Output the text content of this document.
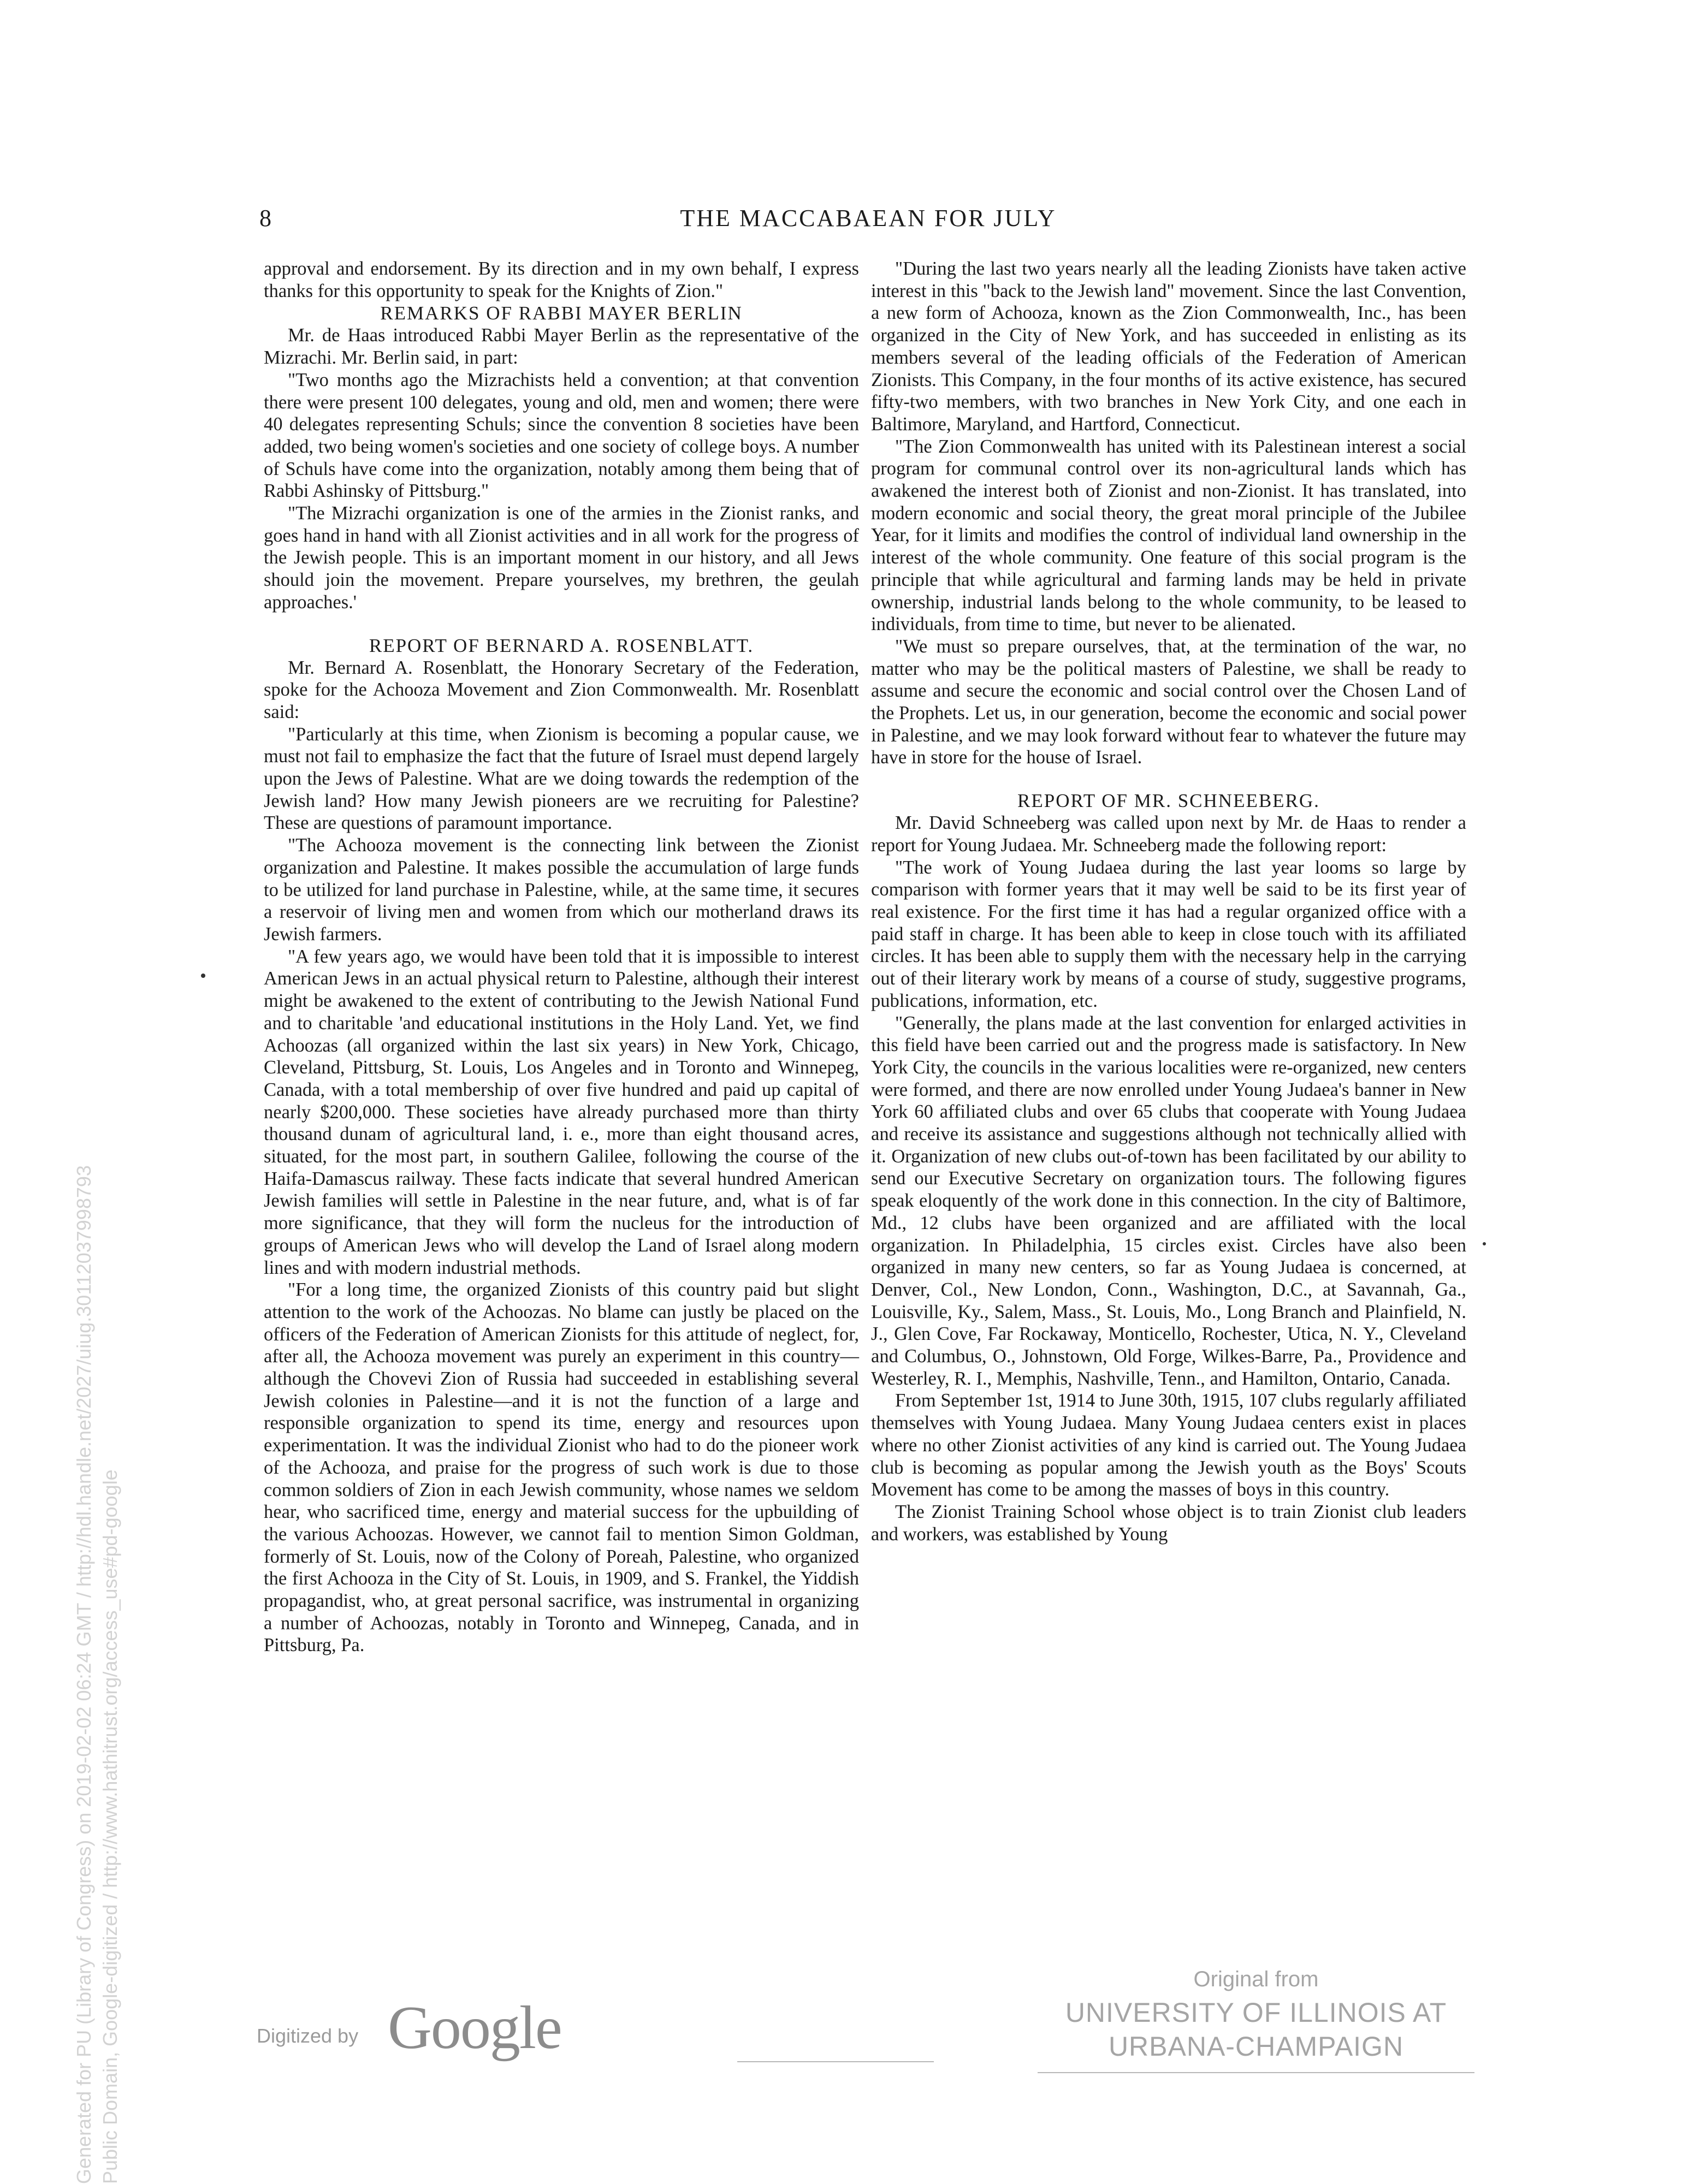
8	THE MACCABAEAN FOR JULY

approval and endorsement. By its direction and in my own behalf, I express thanks for this opportunity to speak for the Knights of Zion."

REMARKS OF RABBI MAYER BERLIN

Mr. de Haas introduced Rabbi Mayer Berlin as the representative of the Mizrachi. Mr. Berlin said, in part:

"Two months ago the Mizrachists held a convention; at that convention there were present 100 delegates, young and old, men and women; there were 40 delegates representing Schuls; since the convention 8 societies have been added, two being women's societies and one society of college boys. A number of Schuls have come into the organization, notably among them being that of Rabbi Ashinsky of Pittsburg."

"The Mizrachi organization is one of the armies in the Zionist ranks, and goes hand in hand with all Zionist activities and in all work for the progress of the Jewish people. This is an important moment in our history, and all Jews should join the movement. Prepare yourselves, my brethren, the geulah approaches.'

REPORT OF BERNARD A. ROSENBLATT.

Mr. Bernard A. Rosenblatt, the Honorary Secretary of the Federation, spoke for the Achooza Movement and Zion Commonwealth. Mr. Rosenblatt said:

"Particularly at this time, when Zionism is becoming a popular cause, we must not fail to emphasize the fact that the future of Israel must depend largely upon the Jews of Palestine. What are we doing towards the redemption of the Jewish land? How many Jewish pioneers are we recruiting for Palestine? These are questions of paramount importance.

"The Achooza movement is the connecting link between the Zionist organization and Palestine. It makes possible the accumulation of large funds to be utilized for land purchase in Palestine, while, at the same time, it secures a reservoir of living men and women from which our motherland draws its Jewish farmers.

"A few years ago, we would have been told that it is impossible to interest American Jews in an actual physical return to Palestine, although their interest might be awakened to the extent of contributing to the Jewish National Fund and to charitable 'and educational institutions in the Holy Land. Yet, we find Achoozas (all organized within the last six years) in New York, Chicago, Cleveland, Pittsburg, St. Louis, Los Angeles and in Toronto and Winnepeg, Canada, with a total membership of over five hundred and paid up capital of nearly $200,000. These societies have already purchased more than thirty thousand dunam of agricultural land, i. e., more than eight thousand acres, situated, for the most part, in southern Galilee, following the course of the Haifa-Damascus railway. These facts indicate that several hundred American Jewish families will settle in Palestine in the near future, and, what is of far more significance, that they will form the nucleus for the introduction of groups of American Jews who will develop the Land of Israel along modern lines and with modern industrial methods.

"For a long time, the organized Zionists of this country paid but slight attention to the work of the Achoozas. No blame can justly be placed on the officers of the Federation of American Zionists for this attitude of neglect, for, after all, the Achooza movement was purely an experiment in this country—although the Chovevi Zion of Russia had succeeded in establishing several Jewish colonies in Palestine—and it is not the function of a large and responsible organization to spend its time, energy and resources upon experimentation. It was the individual Zionist who had to do the pioneer work of the Achooza, and praise for the progress of such work is due to those common soldiers of Zion in each Jewish community, whose names we seldom hear, who sacrificed time, energy and material success for the upbuilding of the various Achoozas. However, we cannot fail to mention Simon Goldman, formerly of St. Louis, now of the Colony of Poreah, Palestine, who organized the first Achooza in the City of St. Louis, in 1909, and S. Frankel, the Yiddish propagandist, who, at great personal sacrifice, was instrumental in organizing a number of Achoozas, notably in Toronto and Winnepeg, Canada, and in Pittsburg, Pa.

"During the last two years nearly all the leading Zionists have taken active interest in this "back to the Jewish land" movement. Since the last Convention, a new form of Achooza, known as the Zion Commonwealth, Inc., has been organized in the City of New York, and has succeeded in enlisting as its members several of the leading officials of the Federation of American Zionists. This Company, in the four months of its active existence, has secured fifty-two members, with two branches in New York City, and one each in Baltimore, Maryland, and Hartford, Connecticut.

"The Zion Commonwealth has united with its Palestinean interest a social program for communal control over its non-agricultural lands which has awakened the interest both of Zionist and non-Zionist. It has translated, into modern economic and social theory, the great moral principle of the Jubilee Year, for it limits and modifies the control of individual land ownership in the interest of the whole community. One feature of this social program is the principle that while agricultural and farming lands may be held in private ownership, industrial lands belong to the whole community, to be leased to individuals, from time to time, but never to be alienated.

"We must so prepare ourselves, that, at the termination of the war, no matter who may be the political masters of Palestine, we shall be ready to assume and secure the economic and social control over the Chosen Land of the Prophets. Let us, in our generation, become the economic and social power in Palestine, and we may look forward without fear to whatever the future may have in store for the house of Israel.

REPORT OF MR. SCHNEEBERG.

Mr. David Schneeberg was called upon next by Mr. de Haas to render a report for Young Judaea. Mr. Schneeberg made the following report:

"The work of Young Judaea during the last year looms so large by comparison with former years that it may well be said to be its first year of real existence. For the first time it has had a regular organized office with a paid staff in charge. It has been able to keep in close touch with its affiliated circles. It has been able to supply them with the necessary help in the carrying out of their literary work by means of a course of study, suggestive programs, publications, information, etc.

"Generally, the plans made at the last convention for enlarged activities in this field have been carried out and the progress made is satisfactory. In New York City, the councils in the various localities were re-organized, new centers were formed, and there are now enrolled under Young Judaea's banner in New York 60 affiliated clubs and over 65 clubs that cooperate with Young Judaea and receive its assistance and suggestions although not technically allied with it. Organization of new clubs out-of-town has been facilitated by our ability to send our Executive Secretary on organization tours. The following figures speak eloquently of the work done in this connection. In the city of Baltimore, Md., 12 clubs have been organized and are affiliated with the local organization. In Philadelphia, 15 circles exist. Circles have also been organized in many new centers, so far as Young Judaea is concerned, at Denver, Col., New London, Conn., Washington, D.C., at Savannah, Ga., Louisville, Ky., Salem, Mass., St. Louis, Mo., Long Branch and Plainfield, N. J., Glen Cove, Far Rockaway, Monticello, Rochester, Utica, N. Y., Cleveland and Columbus, O., Johnstown, Old Forge, Wilkes-Barre, Pa., Providence and Westerley, R. I., Memphis, Nashville, Tenn., and Hamilton, Ontario, Canada.

From September 1st, 1914 to June 30th, 1915, 107 clubs regularly affiliated themselves with Young Judaea. Many Young Judaea centers exist in places where no other Zionist activities of any kind is carried out. The Young Judaea club is becoming as popular among the Jewish youth as the Boys' Scouts Movement has come to be among the masses of boys in this country.

The Zionist Training School whose object is to train Zionist club leaders and workers, was established by Young

Generated for PU (Library of Congress) on 2019-02-02 06:24 GMT / http://hdl.handle.net/2027/uiug.30112037998793 Public Domain, Google-digitized / http://www.hathitrust.org/access_use#pd-google	Digitized by Google
Original from
UNIVERSITY OF ILLINOIS AT
URBANA-CHAMPAIGN
